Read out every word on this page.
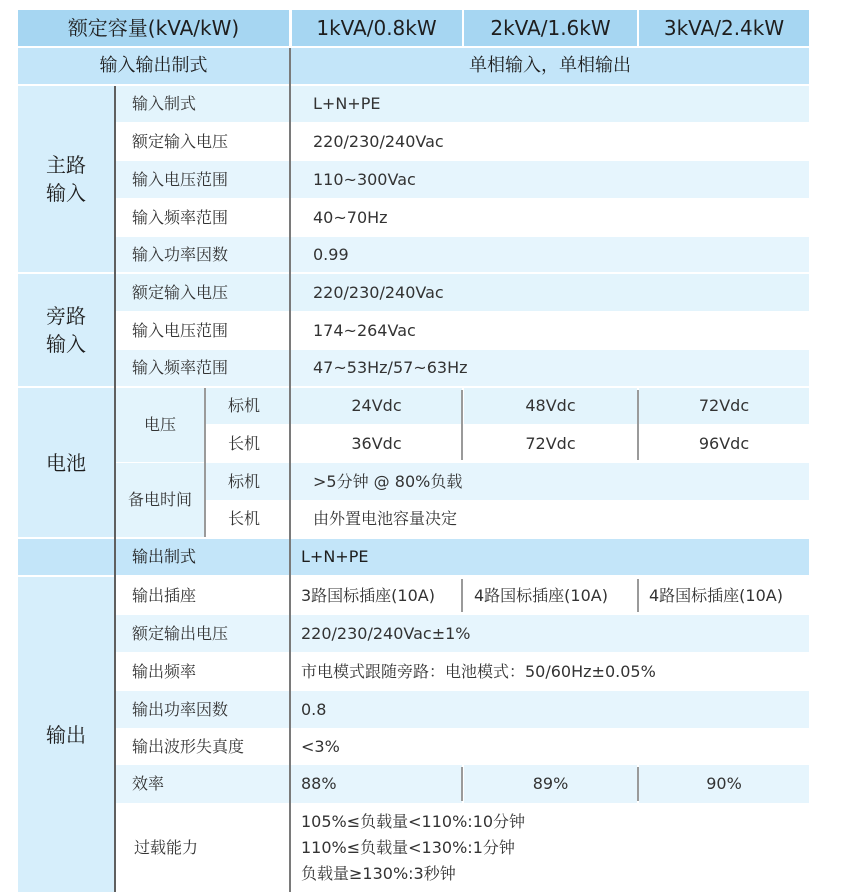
额定容量(kVA/kW)	1kVA/0.8kW	2kVA/1.6kW	3kVA/2.4kW
输入输出制式	单相输入，单相输出
主路
输入
输入制式	L+N+PE
额定输入电压	220/230/240Vac
输入电压范围	110~300Vac
输入频率范围	40~70Hz
输入功率因数	0.99
旁路
输入
额定输入电压	220/230/240Vac
输入电压范围	174~264Vac
输入频率范围	47~53Hz/57~63Hz
电池
电压
标机	24Vdc	48Vdc	72Vdc
长机	36Vdc	72Vdc	96Vdc
备电时间
标机	>5分钟 @ 80%负载
长机	由外置电池容量决定
输出制式	L+N+PE
输出
输出插座	3路国标插座(10A)	4路国标插座(10A)	4路国标插座(10A)
额定输出电压	220/230/240Vac±1%
输出频率	市电模式跟随旁路：电池模式：50/60Hz±0.05%
输出功率因数	0.8
输出波形失真度	<3%
效率	88%	89%	90%
过载能力
105%≤负载量<110%:10分钟
110%≤负载量<130%:1分钟
负载量≥130%:3秒钟
